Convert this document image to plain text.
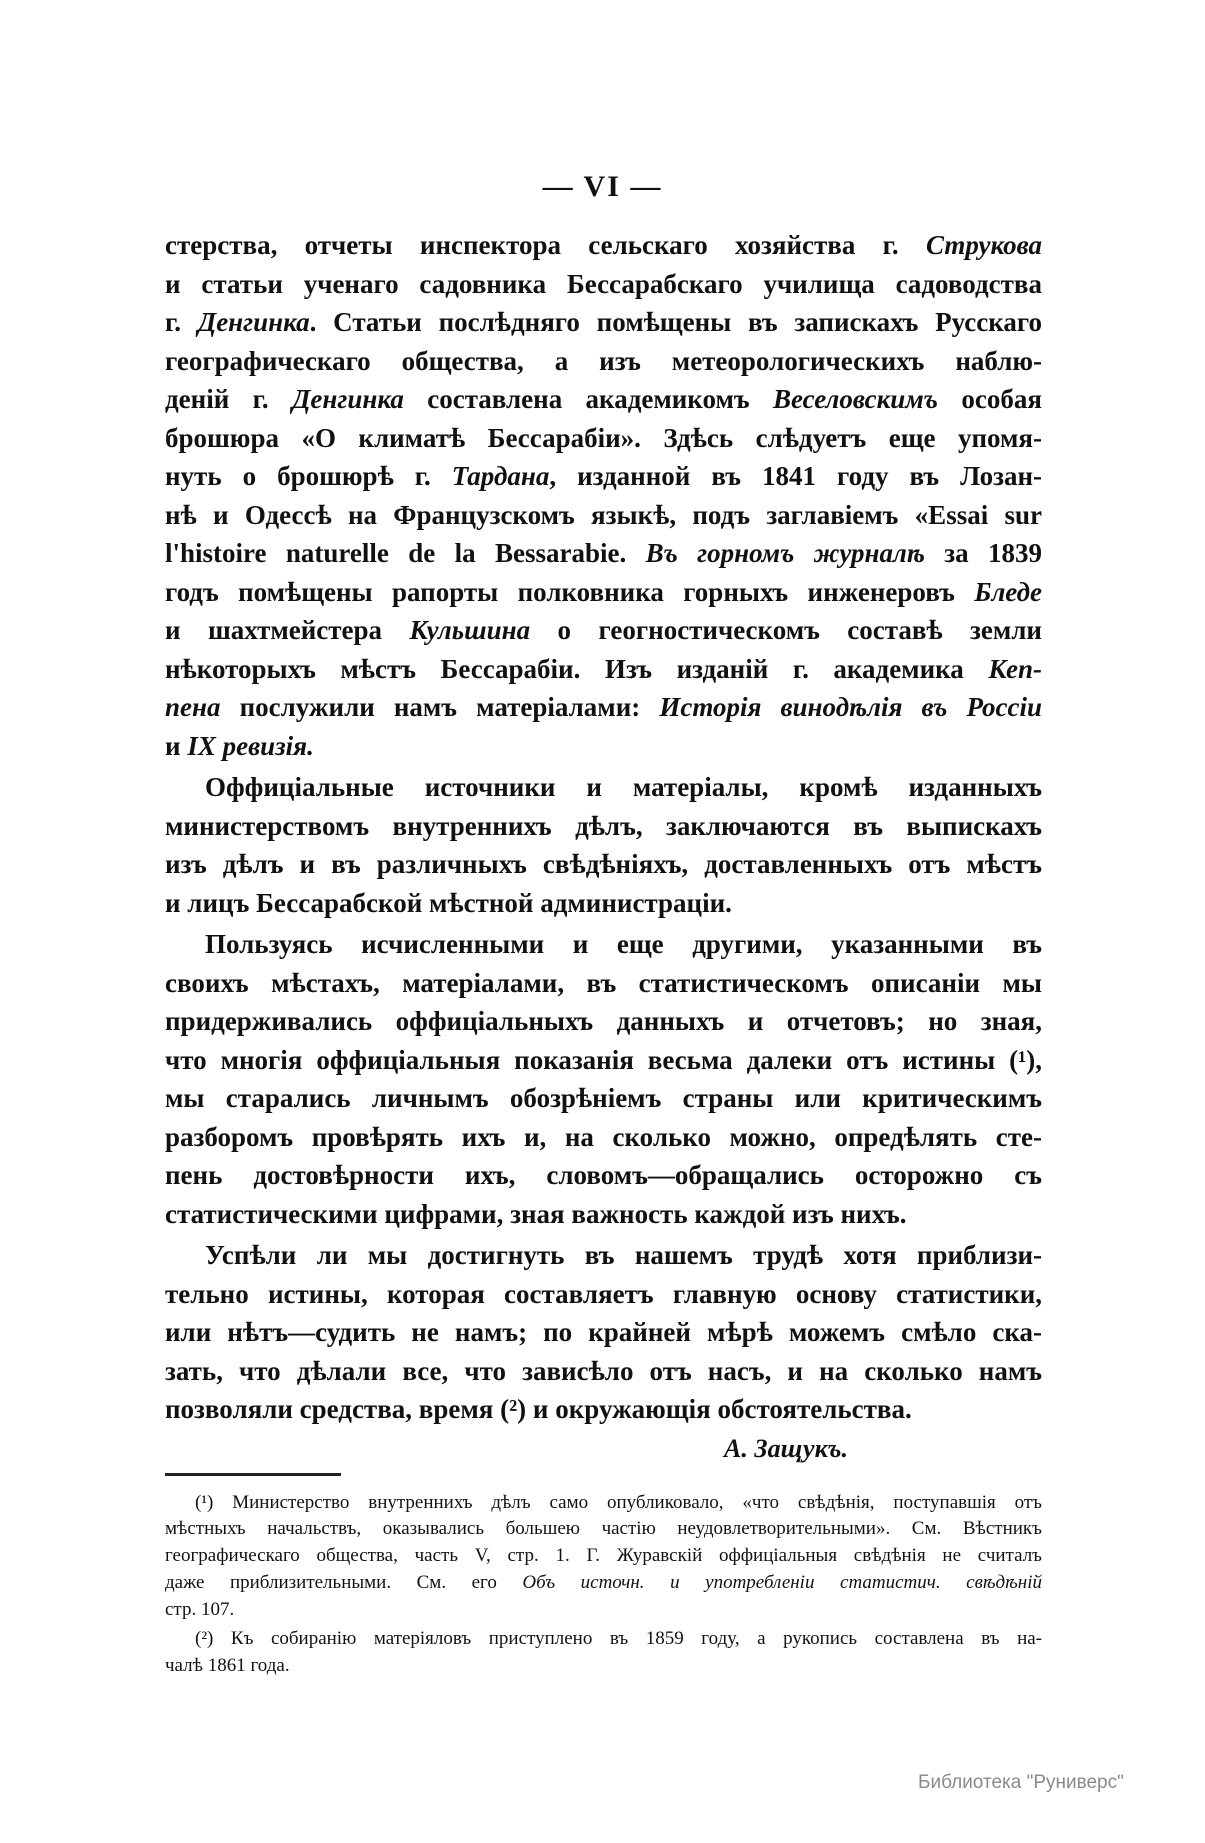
— VI —
стерства, отчеты инспектора сельскаго хозяйства г. Струкова
и статьи ученаго садовника Бессарабскаго училища садоводства
г. Денгинка. Статьи послѣдняго помѣщены въ запискахъ Русскаго
географическаго общества, а изъ метеорологическихъ наблю-
деній г. Денгинка составлена академикомъ Веселовскимъ особая
брошюра «О климатѣ Бессарабіи». Здѣсь слѣдуетъ еще упомя-
нуть о брошюрѣ г. Тардана, изданной въ 1841 году въ Лозан-
нѣ и Одессѣ на Французскомъ языкѣ, подъ заглавіемъ «Essai sur
l'histoire naturelle de la Bessarabie. Въ горномъ журналѣ за 1839
годъ помѣщены рапорты полковника горныхъ инженеровъ Бледе
и шахтмейстера Кульшина о геогностическомъ составѣ земли
нѣкоторыхъ мѣстъ Бессарабіи. Изъ изданій г. академика Кеп-
пена послужили намъ матеріалами: Исторія винодѣлія въ Россіи
и IX ревизія.
Оффиціальные источники и матеріалы, кромѣ изданныхъ
министерствомъ внутреннихъ дѣлъ, заключаются въ выпискахъ
изъ дѣлъ и въ различныхъ свѣдѣніяхъ, доставленныхъ отъ мѣстъ
и лицъ Бессарабской мѣстной администраціи.
Пользуясь исчисленными и еще другими, указанными въ
своихъ мѣстахъ, матеріалами, въ статистическомъ описаніи мы
придерживались оффиціальныхъ данныхъ и отчетовъ; но зная,
что многія оффиціальныя показанія весьма далеки отъ истины (¹),
мы старались личнымъ обозрѣніемъ страны или критическимъ
разборомъ провѣрять ихъ и, на сколько можно, опредѣлять сте-
пень достовѣрности ихъ, словомъ—обращались осторожно съ
статистическими цифрами, зная важность каждой изъ нихъ.
Успѣли ли мы достигнуть въ нашемъ трудѣ хотя приблизи-
тельно истины, которая составляетъ главную основу статистики,
или нѣтъ—судить не намъ; по крайней мѣрѣ можемъ смѣло ска-
зать, что дѣлали все, что зависѣло отъ насъ, и на сколько намъ
позволяли средства, время (²) и окружающія обстоятельства.
А. Защукъ.
(¹) Министерство внутреннихъ дѣлъ само опубликовало, «что свѣдѣнія, поступавшія отъ
мѣстныхъ начальствъ, оказывались большею частію неудовлетворительными». См. Вѣстникъ
географическаго общества, часть V, стр. 1. Г. Журавскій оффиціальныя свѣдѣнія не считалъ
даже приблизительными. См. его Объ источн. и употребленіи статистич. свѣдѣній
стр. 107.
(²) Къ собиранію матеріяловъ приступлено въ 1859 году, а рукопись составлена въ на-
чалѣ 1861 года.
Библиотека "Руниверс"
